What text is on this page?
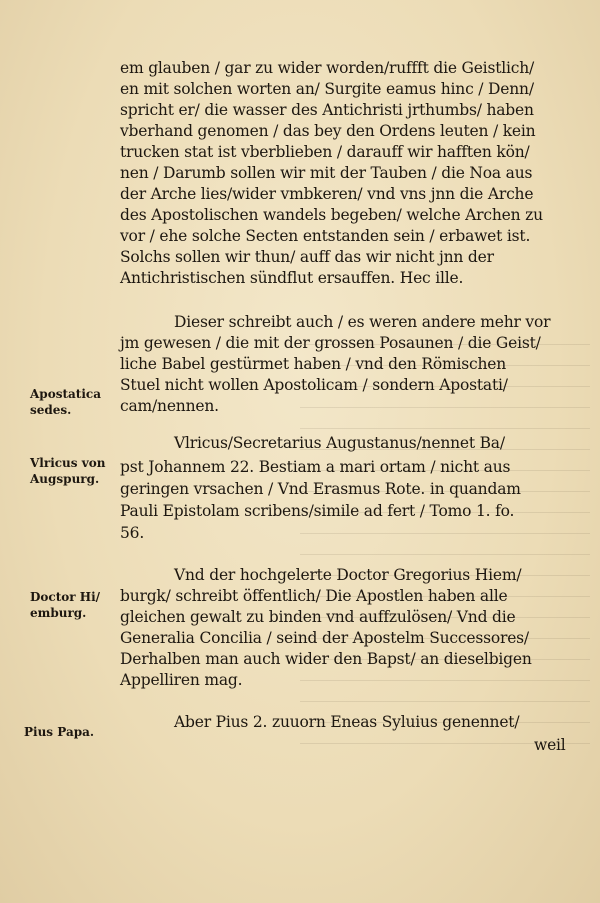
em glauben / gar zu wider worden/ruffft die Geistlich/
en mit solchen worten an/ Surgite eamus hinc / Denn/
spricht er/ die wasser des Antichristi jrthumbs/ haben
vberhand genomen / das bey den Ordens leuten / kein
trucken stat ist vberblieben / darauff wir hafften kön/
nen / Darumb sollen wir mit der Tauben / die Noa aus
der Arche lies/wider vmbkeren/ vnd vns jnn die Arche
des Apostolischen wandels begeben/ welche Archen zu
vor / ehe solche Secten entstanden sein / erbawet ist.
Solchs sollen wir thun/ auff das wir nicht jnn der
Antichristischen sündflut ersauffen. Hec ille.
Dieser schreibt auch / es weren andere mehr vor
jm gewesen / die mit der grossen Posaunen / die Geist/
liche Babel gestürmet haben / vnd den Römischen
Stuel nicht wollen Apostolicam / sondern Apostati/
cam/nennen.
Vlricus/Secretarius Augustanus/nennet Ba/
pst Johannem 22. Bestiam a mari ortam / nicht aus
geringen vrsachen / Vnd Erasmus Rote. in quandam
Pauli Epistolam scribens/simile ad fert / Tomo 1. fo.
56.
Vnd der hochgelerte Doctor Gregorius Hiem/
burgk/ schreibt öffentlich/ Die Apostlen haben alle
gleichen gewalt zu binden vnd auffzulösen/ Vnd die
Generalia Concilia / seind der Apostelm Successores/
Derhalben man auch wider den Bapst/ an dieselbigen
Appelliren mag.
Aber Pius 2. zuuorn Eneas Syluius genennet/
weil
Apostatica
sedes.
Vlricus von
Augspurg.
Doctor Hi/
emburg.
Pius Papa.
